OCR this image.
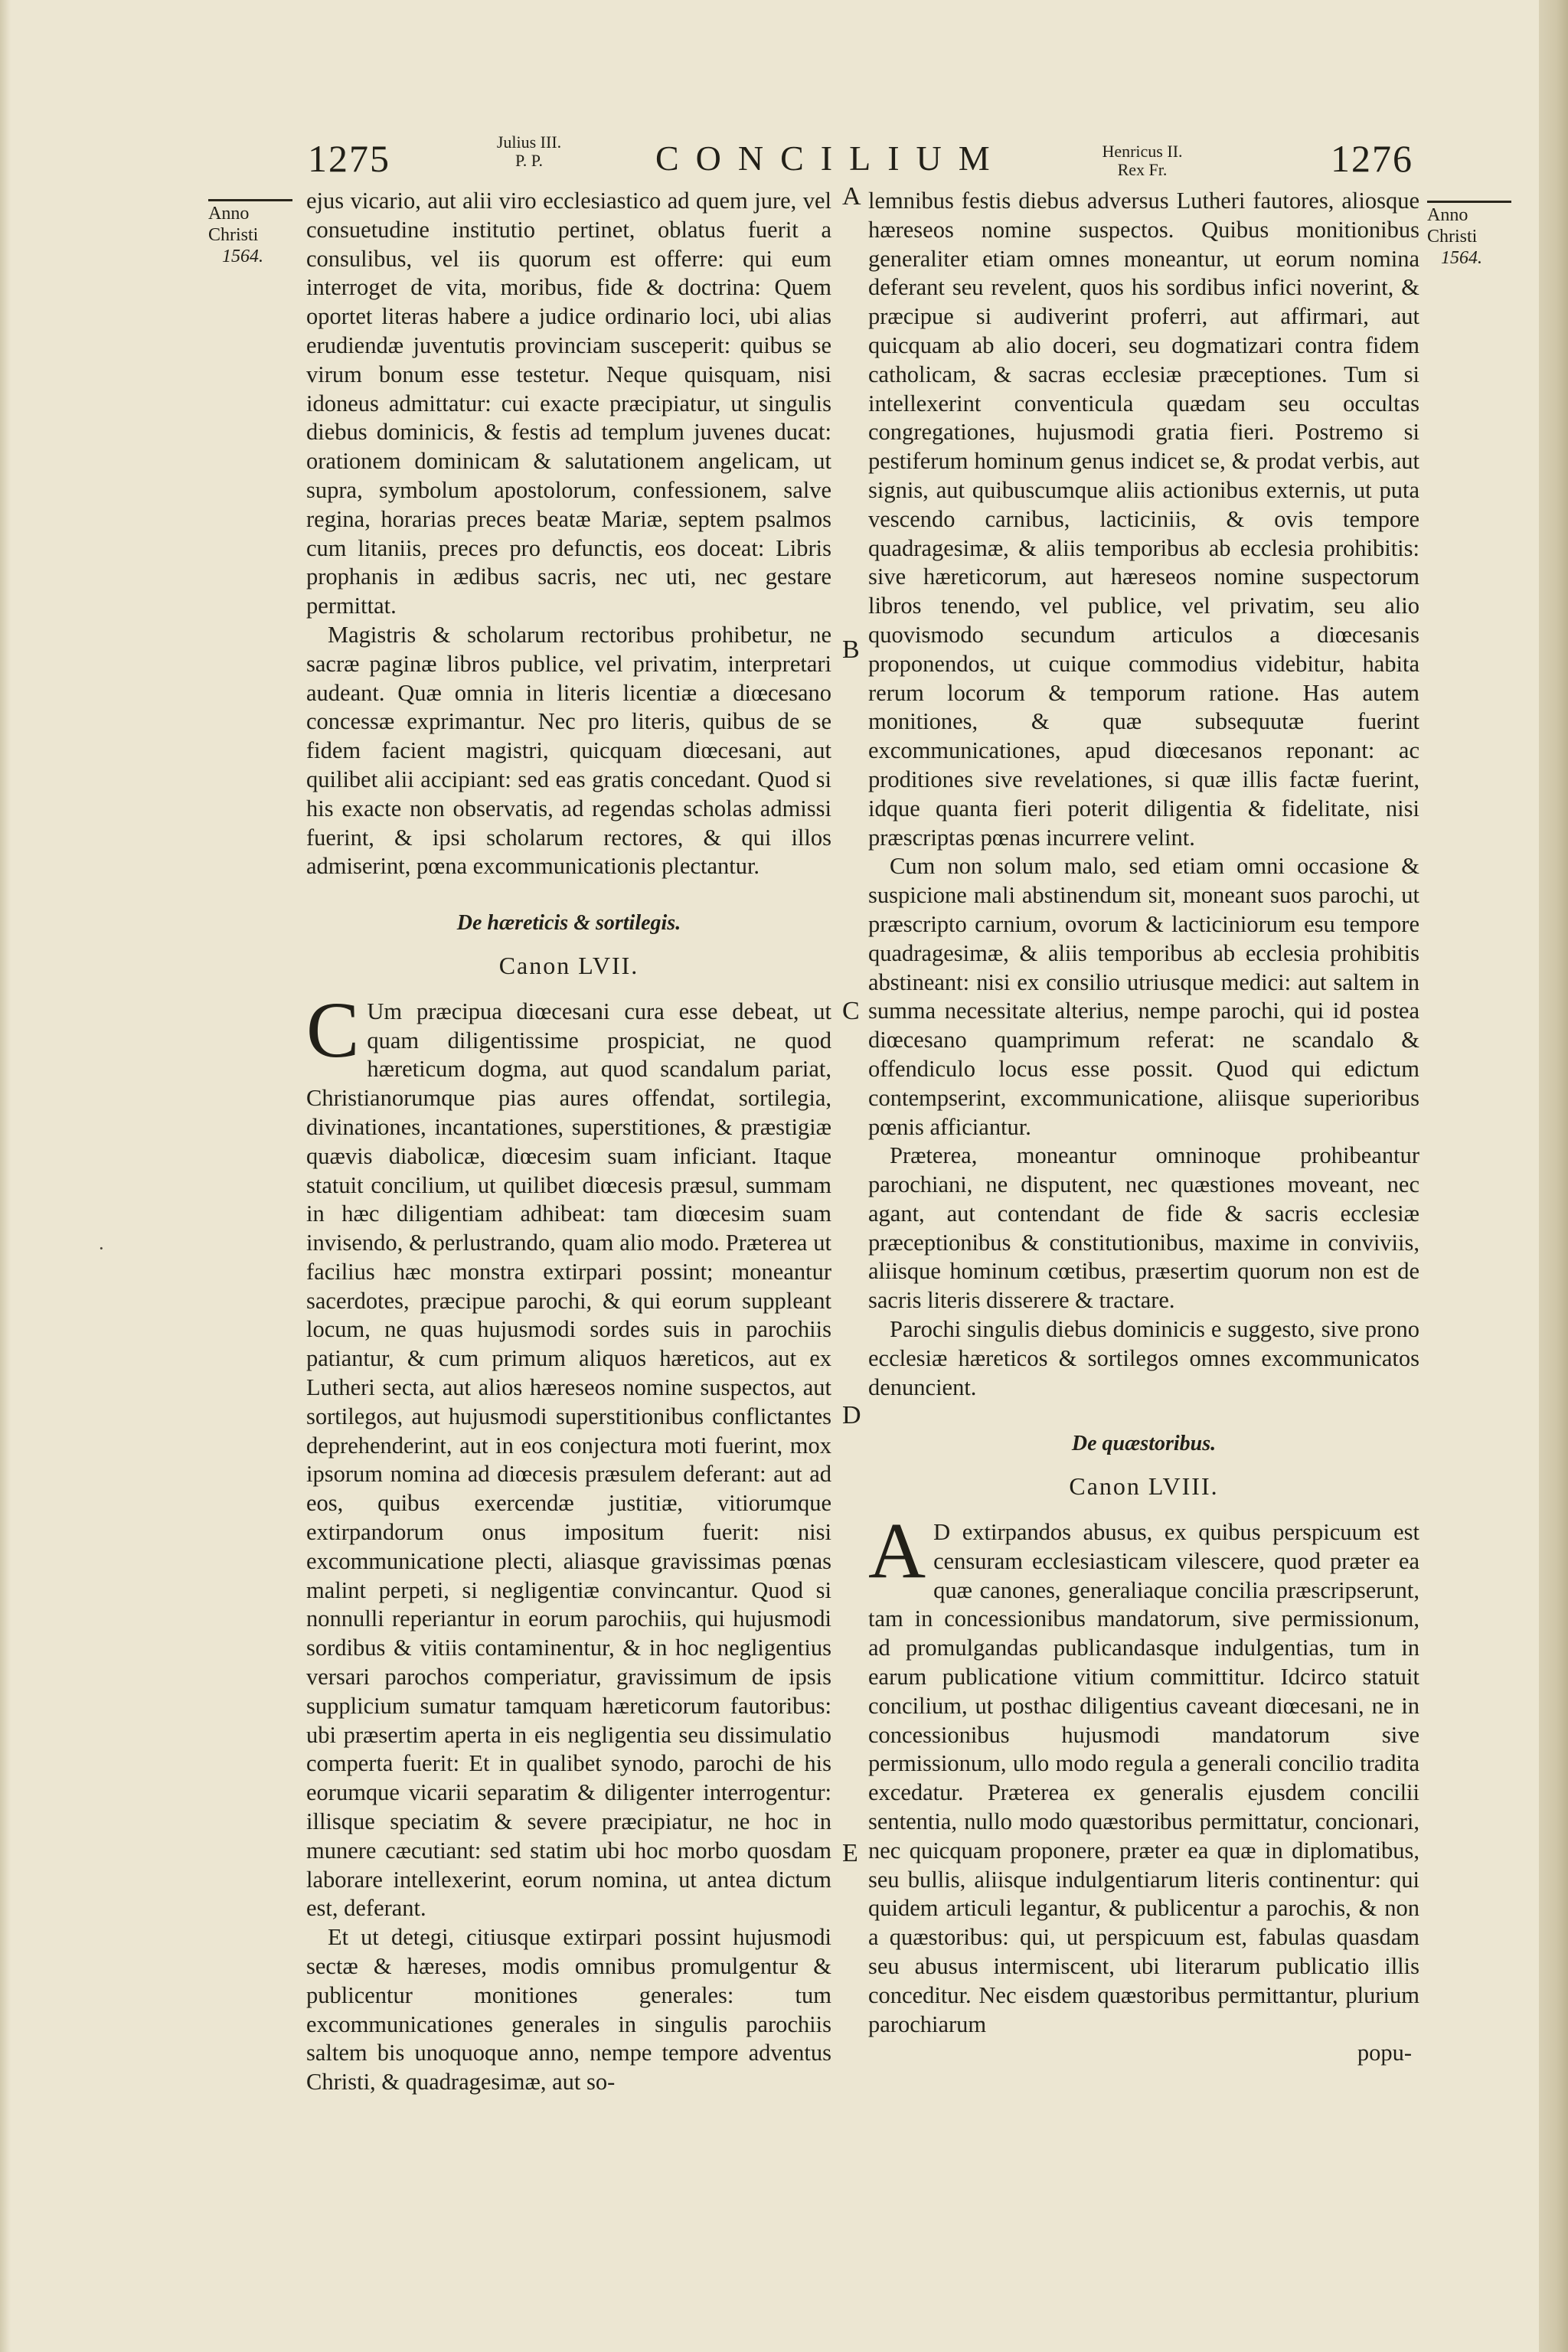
1275	Julius III.
P. P.	CONCILIUM	Henricus II.
Rex Fr.	1276
Anno
Christi
1564.
Anno
Christi
1564.
A
B
C
D
E
·

ejus vicario, aut alii viro ecclesiastico ad quem jure, vel consuetudine institutio pertinet, oblatus fuerit a consulibus, vel iis quorum est offerre: qui eum interroget de vita, moribus, fide & doctrina: Quem oportet literas habere a judice ordinario loci, ubi alias erudiendæ juventutis provinciam susceperit: quibus se virum bonum esse testetur. Neque quisquam, nisi idoneus admittatur: cui exacte præcipiatur, ut singulis diebus dominicis, & festis ad templum juvenes ducat: orationem dominicam & salutationem angelicam, ut supra, symbolum apostolorum, confessionem, salve regina, horarias preces beatæ Mariæ, septem psalmos cum litaniis, preces pro defunctis, eos doceat: Libris prophanis in ædibus sacris, nec uti, nec gestare permittat.

Magistris & scholarum rectoribus prohibetur, ne sacræ paginæ libros publice, vel privatim, interpretari audeant. Quæ omnia in literis licentiæ a diœcesano concessæ exprimantur. Nec pro literis, quibus de se fidem facient magistri, quicquam diœcesani, aut quilibet alii accipiant: sed eas gratis concedant. Quod si his exacte non observatis, ad regendas scholas admissi fuerint, & ipsi scholarum rectores, & qui illos admiserint, pœna excommunicationis plectantur.

De hæreticis & sortilegis.
Canon LVII.

C Um præcipua diœcesani cura esse debeat, ut quam diligentissime prospiciat, ne quod hæreticum dogma, aut quod scandalum pariat, Christianorumque pias aures offendat, sortilegia, divinationes, incantationes, superstitiones, & præstigiæ quævis diabolicæ, diœcesim suam inficiant. Itaque statuit concilium, ut quilibet diœcesis præsul, summam in hæc diligentiam adhibeat: tam diœcesim suam invisendo, & perlustrando, quam alio modo. Præterea ut facilius hæc monstra extirpari possint; moneantur sacerdotes, præcipue parochi, & qui eorum suppleant locum, ne quas hujusmodi sordes suis in parochiis patiantur, & cum primum aliquos hæreticos, aut ex Lutheri secta, aut alios hæreseos nomine suspectos, aut sortilegos, aut hujusmodi superstitionibus conflictantes deprehenderint, aut in eos conjectura moti fuerint, mox ipsorum nomina ad diœcesis præsulem deferant: aut ad eos, quibus exercendæ justitiæ, vitiorumque extirpandorum onus impositum fuerit: nisi excommunicatione plecti, aliasque gravissimas pœnas malint perpeti, si negligentiæ convincantur. Quod si nonnulli reperiantur in eorum parochiis, qui hujusmodi sordibus & vitiis contaminentur, & in hoc negligentius versari parochos comperiatur, gravissimum de ipsis supplicium sumatur tamquam hæreticorum fautoribus: ubi præsertim aperta in eis negligentia seu dissimulatio comperta fuerit: Et in qualibet synodo, parochi de his eorumque vicarii separatim & diligenter interrogentur: illisque speciatim & severe præcipiatur, ne hoc in munere cæcutiant: sed statim ubi hoc morbo quosdam laborare intellexerint, eorum nomina, ut antea dictum est, deferant.

Et ut detegi, citiusque extirpari possint hujusmodi sectæ & hæreses, modis omnibus promulgentur & publicentur monitiones generales: tum excommunicationes generales in singulis parochiis saltem bis unoquoque anno, nempe tempore adventus Christi, & quadragesimæ, aut so-

lemnibus festis diebus adversus Lutheri fautores, aliosque hæreseos nomine suspectos. Quibus monitionibus generaliter etiam omnes moneantur, ut eorum nomina deferant seu revelent, quos his sordibus infici noverint, & præcipue si audiverint proferri, aut affirmari, aut quicquam ab alio doceri, seu dogmatizari contra fidem catholicam, & sacras ecclesiæ præceptiones. Tum si intellexerint conventicula quædam seu occultas congregationes, hujusmodi gratia fieri. Postremo si pestiferum hominum genus indicet se, & prodat verbis, aut signis, aut quibuscumque aliis actionibus externis, ut puta vescendo carnibus, lacticiniis, & ovis tempore quadragesimæ, & aliis temporibus ab ecclesia prohibitis: sive hæreticorum, aut hæreseos nomine suspectorum libros tenendo, vel publice, vel privatim, seu alio quovismodo secundum articulos a diœcesanis proponendos, ut cuique commodius videbitur, habita rerum locorum & temporum ratione. Has autem monitiones, & quæ subsequutæ fuerint excommunicationes, apud diœcesanos reponant: ac proditiones sive revelationes, si quæ illis factæ fuerint, idque quanta fieri poterit diligentia & fidelitate, nisi præscriptas pœnas incurrere velint.

Cum non solum malo, sed etiam omni occasione & suspicione mali abstinendum sit, moneant suos parochi, ut præscripto carnium, ovorum & lacticiniorum esu tempore quadragesimæ, & aliis temporibus ab ecclesia prohibitis abstineant: nisi ex consilio utriusque medici: aut saltem in summa necessitate alterius, nempe parochi, qui id postea diœcesano quamprimum referat: ne scandalo & offendiculo locus esse possit. Quod qui edictum contempserint, excommunicatione, aliisque superioribus pœnis afficiantur.

Præterea, moneantur omninoque prohibeantur parochiani, ne disputent, nec quæstiones moveant, nec agant, aut contendant de fide & sacris ecclesiæ præceptionibus & constitutionibus, maxime in conviviis, aliisque hominum cœtibus, præsertim quorum non est de sacris literis disserere & tractare.

Parochi singulis diebus dominicis e suggesto, sive prono ecclesiæ hæreticos & sortilegos omnes excommunicatos denuncient.

De quæstoribus.
Canon LVIII.

A D extirpandos abusus, ex quibus perspicuum est censuram ecclesiasticam vilescere, quod præter ea quæ canones, generaliaque concilia præscripserunt, tam in concessionibus mandatorum, sive permissionum, ad promulgandas publicandasque indulgentias, tum in earum publicatione vitium committitur. Idcirco statuit concilium, ut posthac diligentius caveant diœcesani, ne in concessionibus hujusmodi mandatorum sive permissionum, ullo modo regula a generali concilio tradita excedatur. Præterea ex generalis ejusdem concilii sententia, nullo modo quæstoribus permittatur, concionari, nec quicquam proponere, præter ea quæ in diplomatibus, seu bullis, aliisque indulgentiarum literis continentur: qui quidem articuli legantur, & publicentur a parochis, & non a quæstoribus: qui, ut perspicuum est, fabulas quasdam seu abusus intermiscent, ubi literarum publicatio illis conceditur. Nec eisdem quæstoribus permittantur, plurium parochiarum

popu-
